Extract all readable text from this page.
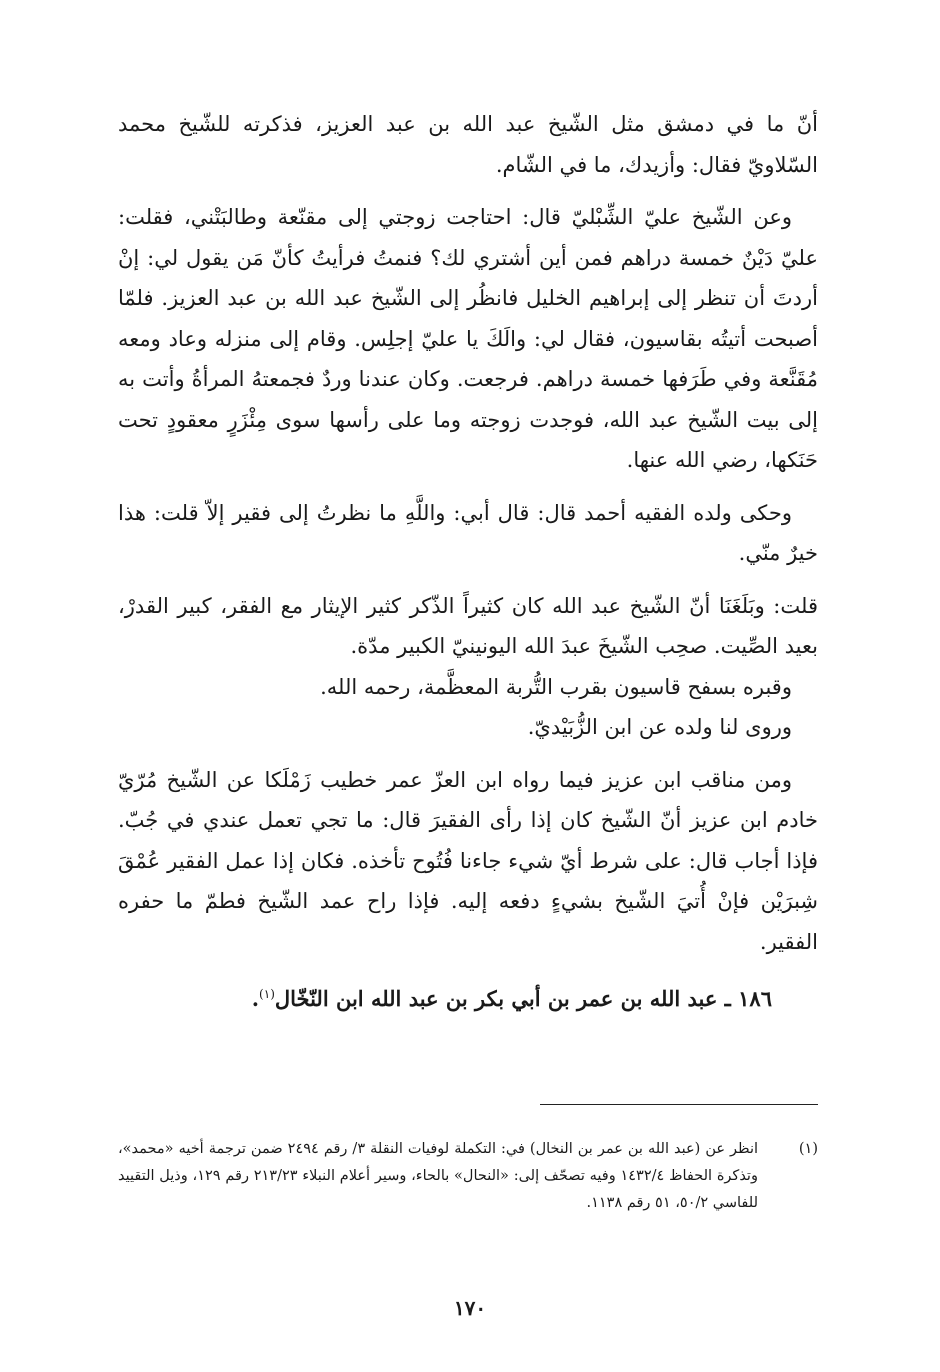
أنّ ما في دمشق مثل الشّيخ عبد الله بن عبد العزيز، فذكرته للشّيخ محمد السّلاويّ فقال: وأزيدك، ما في الشّام.

وعن الشّيخ عليّ الشِّبْليّ قال: احتاجت زوجتي إلى مقنّعة وطالبَتْني، فقلت: عليّ دَيْنٌ خمسة دراهم فمن أين أشتري لك؟ فنمتُ فرأيتُ كأنّ مَن يقول لي: إنْ أردتَ أن تنظر إلى إبراهيم الخليل فانظُر إلى الشّيخ عبد الله بن عبد العزيز. فلمّا أصبحت أتيتُه بقاسيون، فقال لي: والَكَ يا عليّ إجلِس. وقام إلى منزله وعاد ومعه مُقَنَّعة وفي طَرَفها خمسة دراهم. فرجعت. وكان عندنا وردٌ فجمعتهُ المرأةُ وأتت به إلى بيت الشّيخ عبد الله، فوجدت زوجته وما على رأسها سوى مِئْزَرٍ معقودٍ تحت حَنَكها، رضي الله عنها.

وحكى ولده الفقيه أحمد قال: قال أبي: واللَّهِ ما نظرتُ إلى فقير إلاّ قلت: هذا خيرٌ منّي.

قلت: وبَلَغَنَا أنّ الشّيخ عبد الله كان كثيراً الذّكر كثير الإيثار مع الفقر، كبير القدرْ، بعيد الصِّيت. صحِب الشّيخَ عبدَ الله اليونينيّ الكبير مدّة.

وقبره بسفح قاسيون بقرب التُّربة المعظَّمة، رحمه الله.

وروى لنا ولده عن ابن الزُّبَيْديّ.

ومن مناقب ابن عزيز فيما رواه ابن العزّ عمر خطيب زَمْلَكا عن الشّيخ مُرّيّ خادم ابن عزيز أنّ الشّيخ كان إذا رأى الفقيرَ قال: ما تجي تعمل عندي في جُبّ. فإذا أجاب قال: على شرط أيّ شيء جاءنا فُتُوح تأخذه. فكان إذا عمل الفقير عُمْقَ شِبرَيْن فإنْ أُتيَ الشّيخ بشيءٍ دفعه إليه. فإذا راح عمد الشّيخ فطمّ ما حفره الفقير.

١٨٦ ـ عبد الله بن عمر بن أبي بكر بن عبد الله ابن النّخّال$^{(١)}$.
(١)
انظر عن (عبد الله بن عمر بن النخال) في: التكملة لوفيات النقلة ٣/ رقم ٢٤٩٤ ضمن ترجمة أخيه «محمد»، وتذكرة الحفاظ ١٤٣٢/٤ وفيه تصحّف إلى: «النحال» بالحاء، وسير أعلام النبلاء ٢١٣/٢٣ رقم ١٢٩، وذيل التقييد للفاسي ٥٠/٢، ٥١ رقم ١١٣٨.
١٧٠
